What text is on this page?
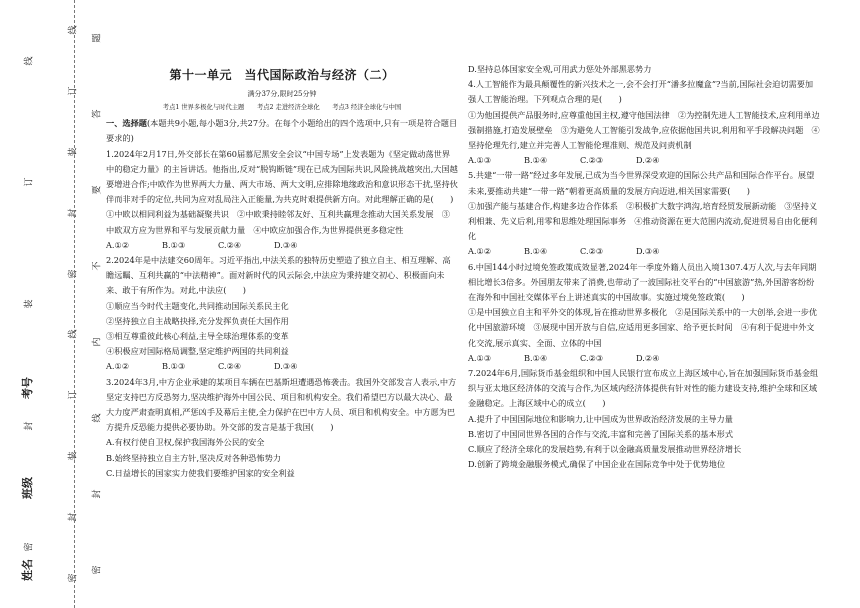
线
订
装
封
密
考号
班级
姓名
线
订
装
封
密
线
订
装
封
密
题
答
要
不
内
线
封
密
第十一单元　当代国际政治与经济（二）
满分37分,限时25分钟
考点1 世界多极化与时代主题　　考点2 走进经济全球化　　考点3 经济全球化与中国

一、选择题(本题共9小题,每小题3分,共27分。在每个小题给出的四个选项中,只有一项是符合题目要求的)

1.2024年2月17日,外交部长在第60届慕尼黑安全会议“中国专场”上发表题为《坚定做动荡世界中的稳定力量》的主旨讲话。他指出,反对“脱钩断链”现在已成为国际共识,风险挑战越突出,大国越要增进合作;中欧作为世界两大力量、两大市场、两大文明,应排除地缘政治和意识形态干扰,坚持伙伴而非对手的定位,共同为应对乱局注入正能量,为共克时艰提供新方向。对此理解正确的是(　　)

①中欧以相同利益为基础凝聚共识　②中欧秉持睦邻友好、互利共赢理念推动大国关系发展　③中欧双方应为世界和平与发展贡献力量　④中欧应加强合作,为世界提供更多稳定性

A.①②	B.①③	C.②④	D.③④

2.2024年是中法建交60周年。习近平指出,中法关系的独特历史塑造了独立自主、相互理解、高瞻远瞩、互利共赢的“中法精神”。面对新时代的风云际会,中法应为秉持建交初心、积极面向未来、敢于有所作为。对此,中法应(　　)

①顺应当今时代主题变化,共同推动国际关系民主化

②坚持独立自主战略抉择,充分发挥负责任大国作用

③相互尊重彼此核心利益,主导全球治理体系的变革

④积极应对国际格局调整,坚定维护两国的共同利益

A.①②	B.①③	C.②④	D.③④

3.2024年3月,中方企业承建的某项目车辆在巴基斯坦遭遇恐怖袭击。我国外交部发言人表示,中方坚定支持巴方反恐努力,坚决维护海外中国公民、项目和机构安全。我们希望巴方以最大决心、最大力度严肃查明真相,严惩凶手及幕后主使,全力保护在巴中方人员、项目和机构安全。中方愿为巴方提升反恐能力提供必要协助。外交部的发言是基于我国(　　)

A.有权行使自卫权,保护我国海外公民的安全

B.始终坚持独立自主方针,坚决反对各种恐怖势力

C.日益增长的国家实力使我们要维护国家的安全利益

D.坚持总体国家安全观,可用武力惩处外部黑恶势力

4.人工智能作为最具颠覆性的新兴技术之一,会不会打开“潘多拉魔盒”?当前,国际社会迫切需要加强人工智能治理。下列观点合理的是(　　)

①为他国提供产品服务时,应尊重他国主权,遵守他国法律　②为控制先进人工智能技术,应利用单边强制措施,打造发展壁垒　③为避免人工智能引发战争,应依据他国共识,利用和平手段解决问题　④坚持伦理先行,建立并完善人工智能伦理准则、规范及问责机制

A.①③	B.①④	C.②③	D.②④

5.共建“一带一路”经过多年发展,已成为当今世界深受欢迎的国际公共产品和国际合作平台。展望未来,要推动共建“一带一路”朝着更高质量的发展方向迈进,相关国家需要(　　)

①加强产能与基建合作,构建多边合作体系　②积极扩大数字鸿沟,培育经贸发展新动能　③坚持义利相兼、先义后利,用零和思维处理国际事务　④推动资源在更大范围内流动,促进贸易自由化便利化

A.①②	B.①④	C.②③	D.③④

6.中国144小时过境免签政策成效显著,2024年一季度外籍人员出入境1307.4万人次,与去年同期相比增长3倍多。外国朋友带来了消费,也带动了一波国际社交平台的“中国旅游”热,外国游客纷纷在海外和中国社交媒体平台上讲述真实的中国故事。实施过境免签政策(　　)

①是中国独立自主和平外交的体现,旨在推动世界多极化　②是国际关系中的一大创举,会进一步优化中国旅游环境　③展现中国开放与自信,应适用更多国家、给予更长时间　④有利于促进中外文化交流,展示真实、全面、立体的中国

A.①③	B.①④	C.②③	D.②④

7.2024年6月,国际货币基金组织和中国人民银行宣布成立上海区域中心,旨在加强国际货币基金组织与亚太地区经济体的交流与合作,为区域内经济体提供有针对性的能力建设支持,维护全球和区域金融稳定。上海区域中心的成立(　　)

A.提升了中国国际地位和影响力,让中国成为世界政治经济发展的主导力量

B.密切了中国同世界各国的合作与交流,丰富和完善了国际关系的基本形式

C.顺应了经济全球化的发展趋势,有利于以金融高质量发展推动世界经济增长

D.创新了跨境金融服务模式,确保了中国企业在国际竞争中处于优势地位
